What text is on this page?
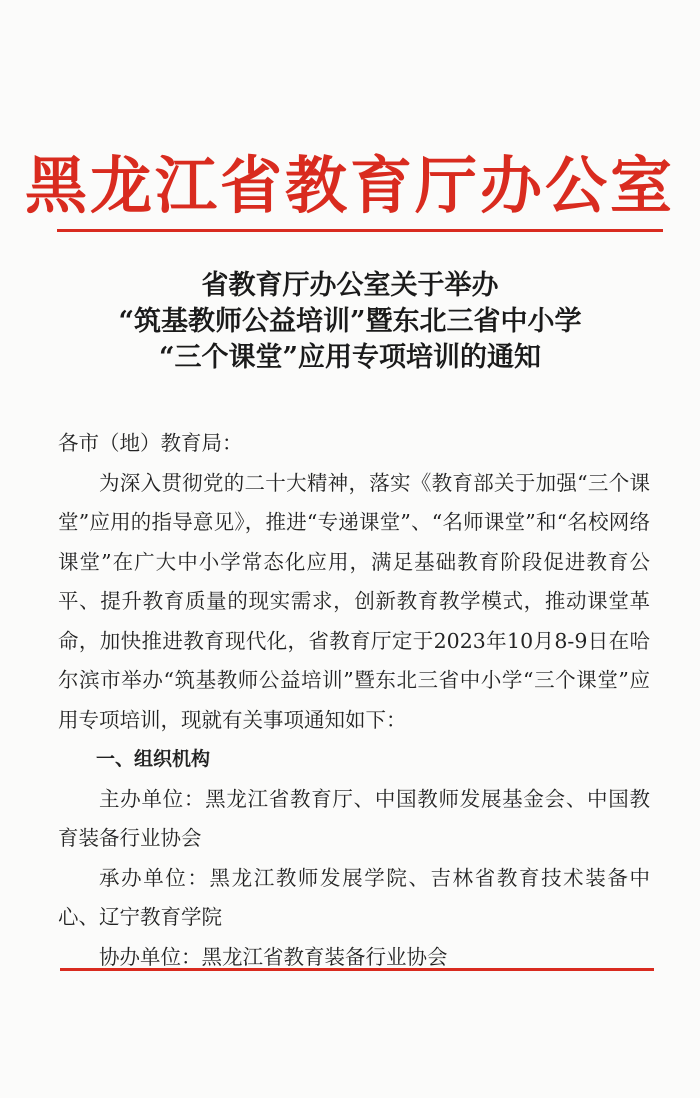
黑龙江省教育厅办公室
省教育厅办公室关于举办
“筑基教师公益培训”暨东北三省中小学
“三个课堂”应用专项培训的通知

各市（地）教育局：

为深入贯彻党的二十大精神，落实《教育部关于加强“三个课堂”应用的指导意见》，推进“专递课堂”、“名师课堂”和“名校网络课堂”在广大中小学常态化应用，满足基础教育阶段促进教育公平、提升教育质量的现实需求，创新教育教学模式，推动课堂革命，加快推进教育现代化，省教育厅定于2023年10月8-9日在哈尔滨市举办“筑基教师公益培训”暨东北三省中小学“三个课堂”应用专项培训，现就有关事项通知如下：

一、组织机构

主办单位：黑龙江省教育厅、中国教师发展基金会、中国教育装备行业协会

承办单位：黑龙江教师发展学院、吉林省教育技术装备中心、辽宁教育学院

协办单位：黑龙江省教育装备行业协会
